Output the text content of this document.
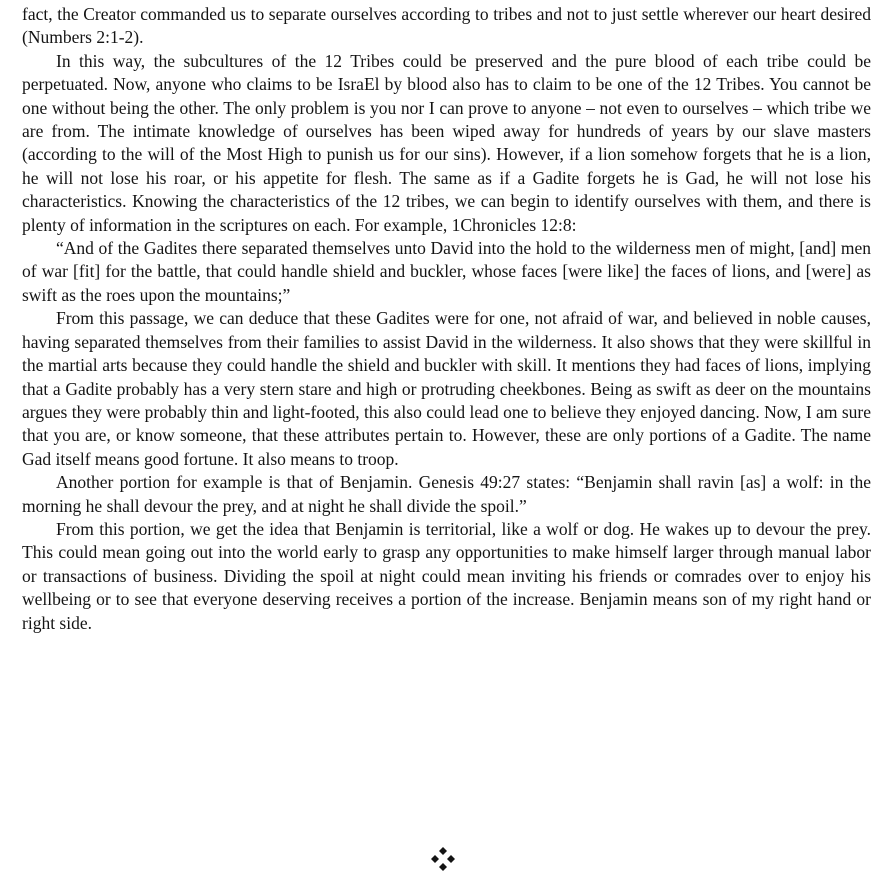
fact, the Creator commanded us to separate ourselves according to tribes and not to just settle wherever our heart desired (Numbers 2:1-2).

In this way, the subcultures of the 12 Tribes could be preserved and the pure blood of each tribe could be perpetuated. Now, anyone who claims to be IsraEl by blood also has to claim to be one of the 12 Tribes. You cannot be one without being the other. The only problem is you nor I can prove to anyone – not even to ourselves – which tribe we are from. The intimate knowledge of ourselves has been wiped away for hundreds of years by our slave masters (according to the will of the Most High to punish us for our sins). However, if a lion somehow forgets that he is a lion, he will not lose his roar, or his appetite for flesh. The same as if a Gadite forgets he is Gad, he will not lose his characteristics. Knowing the characteristics of the 12 tribes, we can begin to identify ourselves with them, and there is plenty of information in the scriptures on each. For example, 1Chronicles 12:8:

“And of the Gadites there separated themselves unto David into the hold to the wilderness men of might, [and] men of war [fit] for the battle, that could handle shield and buckler, whose faces [were like] the faces of lions, and [were] as swift as the roes upon the mountains;”

From this passage, we can deduce that these Gadites were for one, not afraid of war, and believed in noble causes, having separated themselves from their families to assist David in the wilderness. It also shows that they were skillful in the martial arts because they could handle the shield and buckler with skill. It mentions they had faces of lions, implying that a Gadite probably has a very stern stare and high or protruding cheekbones. Being as swift as deer on the mountains argues they were probably thin and light-footed, this also could lead one to believe they enjoyed dancing. Now, I am sure that you are, or know someone, that these attributes pertain to. However, these are only portions of a Gadite. The name Gad itself means good fortune. It also means to troop.

Another portion for example is that of Benjamin. Genesis 49:27 states: “Benjamin shall ravin [as] a wolf: in the morning he shall devour the prey, and at night he shall divide the spoil.”

From this portion, we get the idea that Benjamin is territorial, like a wolf or dog. He wakes up to devour the prey. This could mean going out into the world early to grasp any opportunities to make himself larger through manual labor or transactions of business. Dividing the spoil at night could mean inviting his friends or comrades over to enjoy his wellbeing or to see that everyone deserving receives a portion of the increase. Benjamin means son of my right hand or right side.
